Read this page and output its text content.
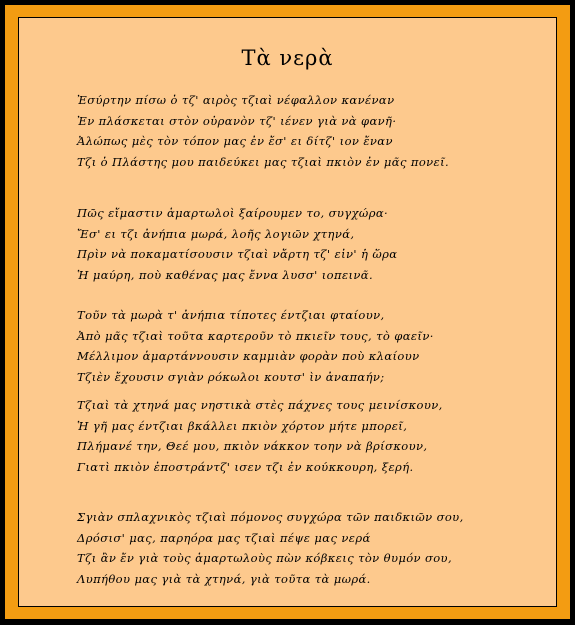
Τὰ νερὰ
Ἐσύρτην πίσω ὁ τζ' αιρὸς τζιαὶ νέφαλλον κανέναν
Ἐν πλάσκεται στὸν οὐρανὸν τζ' ιένεν γιὰ νὰ φανῆ·
Ἀλώπως μὲς τὸν τόπον μας ἐν ἔσ' ει δίτζ' ιον ἔναν
Τζι ὁ Πλάστης μου παιδεύκει μας τζιαὶ πκιὸν ἐν μᾶς πονεῖ.
Πῶς εἴμαστιν ἁμαρτωλοὶ ξαίρουμεν το, συγχώρα·
Ἔσ' ει τζι ἀνήπια μωρά, λοῆς λογιῶν χτηνά,
Πρὶν νὰ ποκαματίσουσιν τζιαὶ νἄρτη τζ' εἰν' ἡ ὥρα
Ἡ μαύρη, ποὺ καθένας μας ἔννα λυσσ' ιοπεινᾶ.
Τοῦν τὰ μωρὰ τ' ἀνήπια τίποτες έντζιαι φταίουν,
Ἀπὸ μᾶς τζιαὶ τοῦτα καρτεροῦν τὸ πκιεῖν τους, τὸ φαεῖν·
Μέλλιμον ἁμαρτάννουσιν καμμιὰν φορὰν ποὺ κλαίουν
Τζιὲν ἔχουσιν σγιὰν ρόκωλοι κουτσ' ὶν ἀναπαήν;
Τζιαὶ τὰ χτηνά μας νηστικὰ στὲς πάχνες τους μεινίσκουν,
Ἡ γῆ μας έντζιαι βκάλλει πκιὸν χόρτον μήτε μπορεῖ,
Πλήμανέ την, Θεέ μου, πκιὸν νάκκον τοην νὰ βρίσκουν,
Γιατὶ πκιὸν ἐποστράντζ' ισεν τζι ἐν κούκκουρη, ξερή.
Σγιὰν σπλαχνικὸς τζιαὶ πόμονος συγχώρα τῶν παιδκιῶν σου,
Δρόσισ' μας, παρηόρα μας τζιαὶ πέψε μας νερά
Τζι ἂν ἔν γιὰ τοὺς ἁμαρτωλοὺς πὼν κόβκεις τὸν θυμόν σου,
Λυπήθου μας γιὰ τὰ χτηνά, γιὰ τοῦτα τὰ μωρά.
